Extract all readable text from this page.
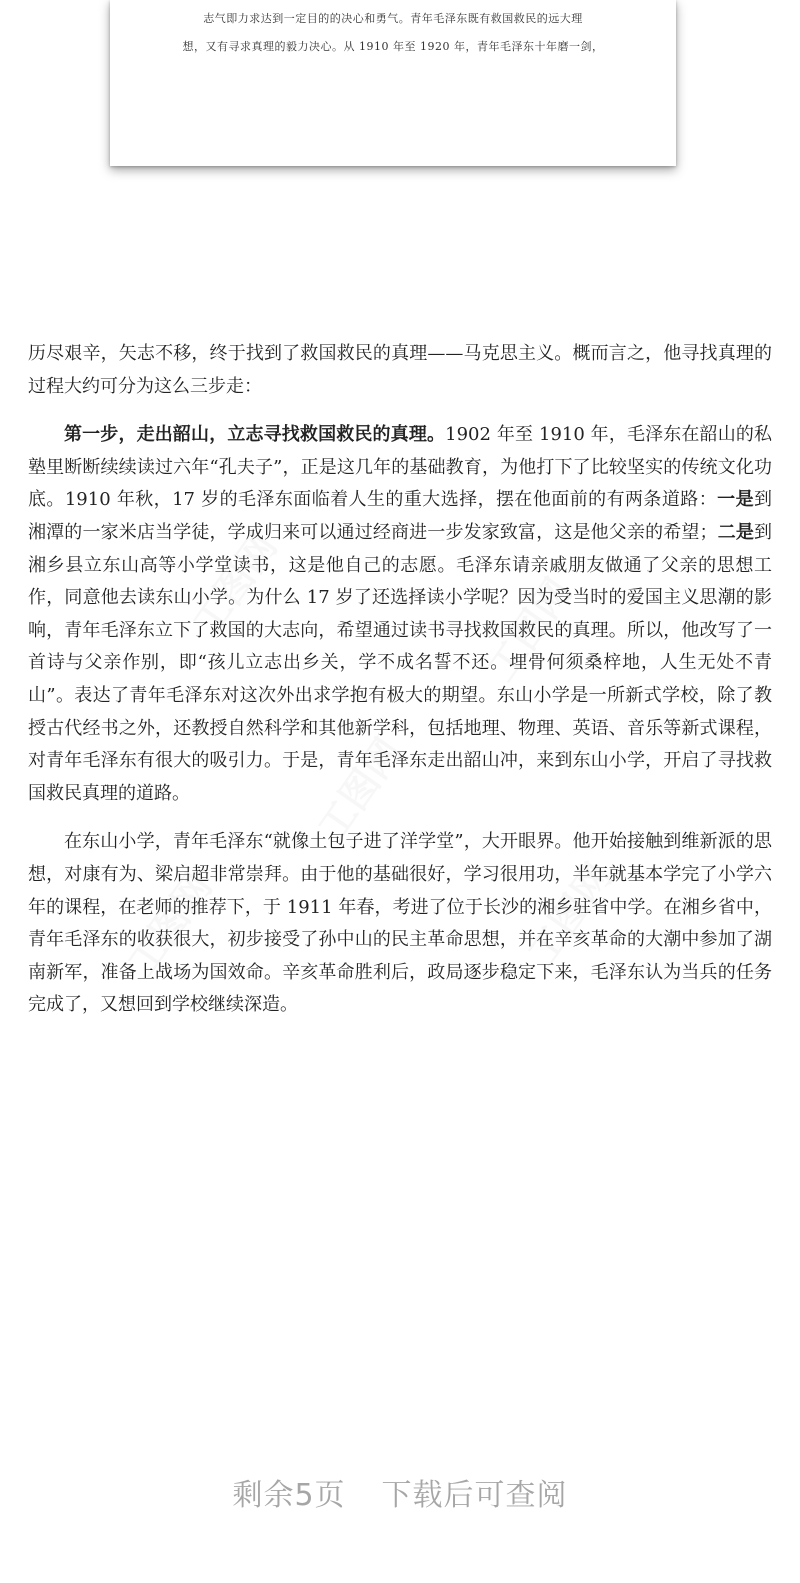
志气即力求达到一定目的的决心和勇气。青年毛泽东既有救国救民的远大理
想，又有寻求真理的毅力决心。从 1910 年至 1920 年，青年毛泽东十年磨一剑，
工图网	工图网
工图网
工图网	工图网

历尽艰辛，矢志不移，终于找到了救国救民的真理——马克思主义。概而言之，他寻找真理的过程大约可分为这么三步走：

第一步，走出韶山，立志寻找救国救民的真理。1902 年至 1910 年，毛泽东在韶山的私塾里断断续续读过六年“孔夫子”，正是这几年的基础教育，为他打下了比较坚实的传统文化功底。1910 年秋，17 岁的毛泽东面临着人生的重大选择，摆在他面前的有两条道路：一是到湘潭的一家米店当学徒，学成归来可以通过经商进一步发家致富，这是他父亲的希望；二是到湘乡县立东山高等小学堂读书，这是他自己的志愿。毛泽东请亲戚朋友做通了父亲的思想工作，同意他去读东山小学。为什么 17 岁了还选择读小学呢？因为受当时的爱国主义思潮的影响，青年毛泽东立下了救国的大志向，希望通过读书寻找救国救民的真理。所以，他改写了一首诗与父亲作别，即“孩儿立志出乡关，学不成名誓不还。埋骨何须桑梓地，人生无处不青山”。表达了青年毛泽东对这次外出求学抱有极大的期望。东山小学是一所新式学校，除了教授古代经书之外，还教授自然科学和其他新学科，包括地理、物理、英语、音乐等新式课程，对青年毛泽东有很大的吸引力。于是，青年毛泽东走出韶山冲，来到东山小学，开启了寻找救国救民真理的道路。

在东山小学，青年毛泽东“就像土包子进了洋学堂”，大开眼界。他开始接触到维新派的思想，对康有为、梁启超非常崇拜。由于他的基础很好，学习很用功，半年就基本学完了小学六年的课程，在老师的推荐下，于 1911 年春，考进了位于长沙的湘乡驻省中学。在湘乡省中，青年毛泽东的收获很大，初步接受了孙中山的民主革命思想，并在辛亥革命的大潮中参加了湖南新军，准备上战场为国效命。辛亥革命胜利后，政局逐步稳定下来，毛泽东认为当兵的任务完成了，又想回到学校继续深造。

剩余5页 下载后可查阅
